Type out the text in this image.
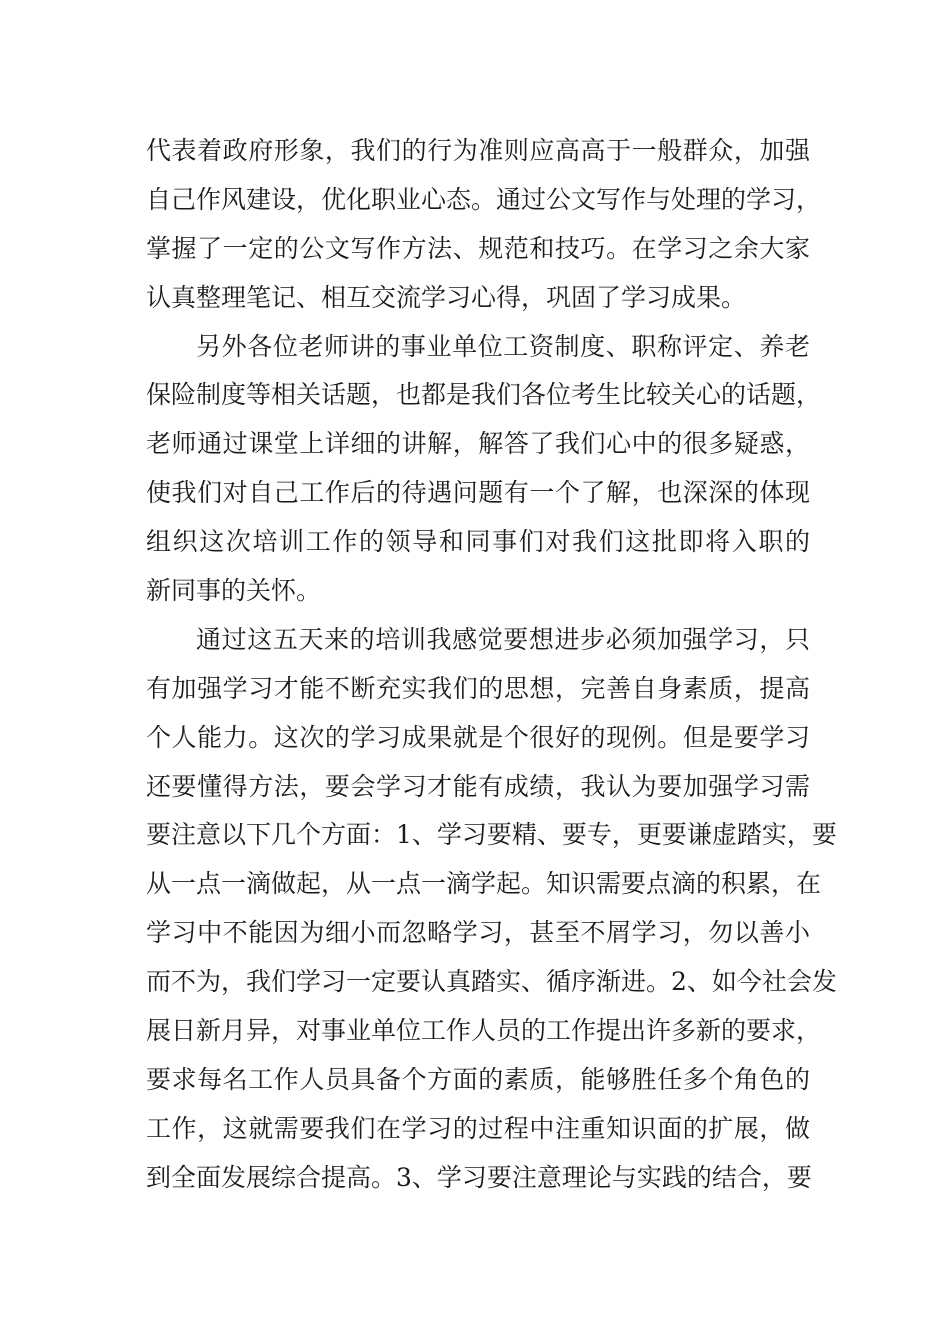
代表着政府形象，我们的行为准则应高高于一般群众，加强
自己作风建设，优化职业心态。通过公文写作与处理的学习，
掌握了一定的公文写作方法、规范和技巧。在学习之余大家
认真整理笔记、相互交流学习心得，巩固了学习成果。
另外各位老师讲的事业单位工资制度、职称评定、养老
保险制度等相关话题，也都是我们各位考生比较关心的话题，
老师通过课堂上详细的讲解，解答了我们心中的很多疑惑，
使我们对自己工作后的待遇问题有一个了解，也深深的体现
组织这次培训工作的领导和同事们对我们这批即将入职的
新同事的关怀。
通过这五天来的培训我感觉要想进步必须加强学习，只
有加强学习才能不断充实我们的思想，完善自身素质，提高
个人能力。这次的学习成果就是个很好的现例。但是要学习
还要懂得方法，要会学习才能有成绩，我认为要加强学习需
要注意以下几个方面：1、学习要精、要专，更要谦虚踏实，要
从一点一滴做起，从一点一滴学起。知识需要点滴的积累，在
学习中不能因为细小而忽略学习，甚至不屑学习，勿以善小
而不为，我们学习一定要认真踏实、循序渐进。2、如今社会发
展日新月异，对事业单位工作人员的工作提出许多新的要求，
要求每名工作人员具备个方面的素质，能够胜任多个角色的
工作，这就需要我们在学习的过程中注重知识面的扩展，做
到全面发展综合提高。3、学习要注意理论与实践的结合，要
